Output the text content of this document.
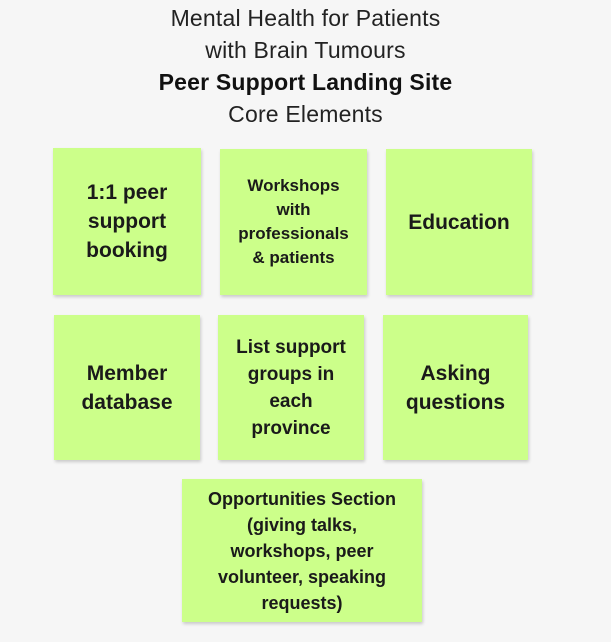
Mental Health for Patients
with Brain Tumours
Peer Support Landing Site
Core Elements
1:1 peer
support
booking
Workshops
with
professionals
& patients
Education
Member
database
List support
groups in
each
province
Asking
questions
Opportunities Section
(giving talks,
workshops, peer
volunteer, speaking
requests)
